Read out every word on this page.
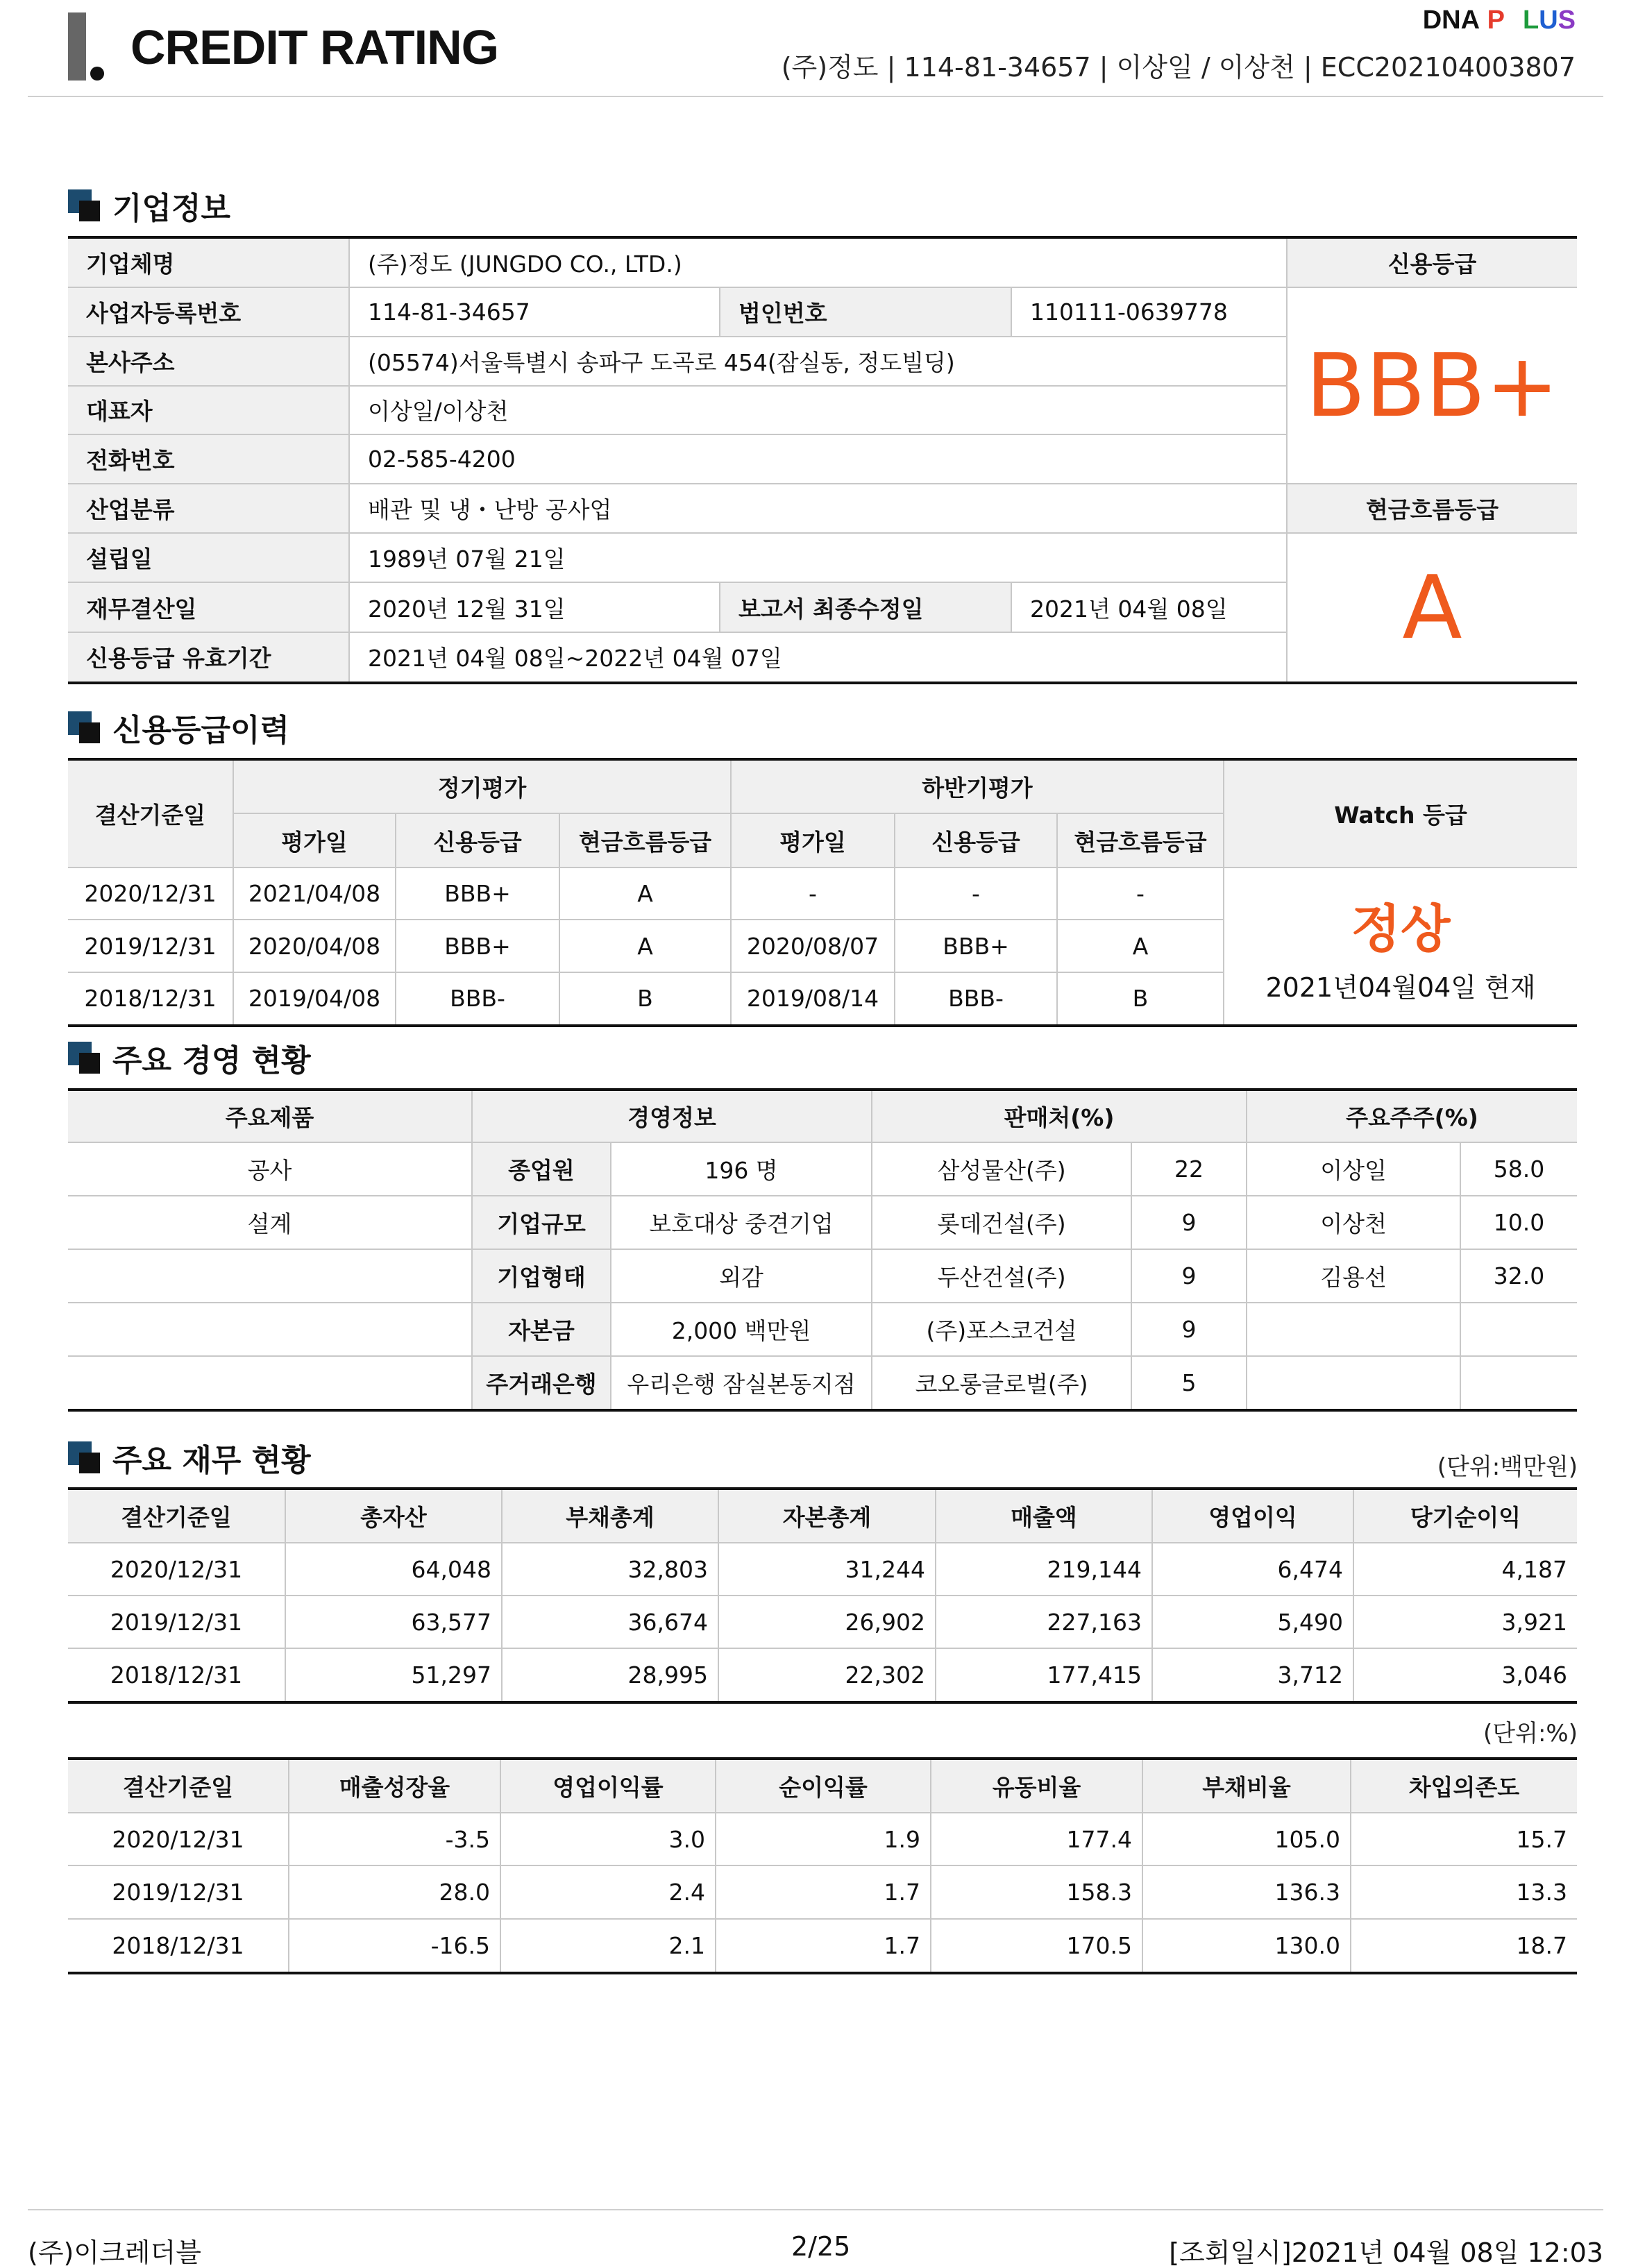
CREDIT RATING	DNA P LUS
(주)정도 | 114-81-34657 | 이상일 / 이상천 | ECC202104003807
기업정보
기업체명	(주)정도 (JUNGDO CO., LTD.)			신용등급
사업자등록번호	114-81-34657	법인번호	110111-0639778	BBB+
본사주소	(05574)서울특별시 송파구 도곡로 454(잠실동, 정도빌딩)			
대표자	이상일/이상천			
전화번호	02-585-4200			
산업분류	배관 및 냉・난방 공사업			현금흐름등급
설립일	1989년 07월 21일			A
재무결산일	2020년 12월 31일	보고서 최종수정일	2021년 04월 08일	
신용등급 유효기간	2021년 04월 08일~2022년 04월 07일			
신용등급이력
결산기준일	정기평가			하반기평가			Watch 등급
	평가일	신용등급	현금흐름등급	평가일	신용등급	현금흐름등급	
2020/12/31	2021/04/08	BBB+	A	-	-	-	정상
2021년04월04일 현재

2019/12/31	2020/04/08	BBB+	A	2020/08/07	BBB+	A	
2018/12/31	2019/04/08	BBB-	B	2019/08/14	BBB-	B	
주요 경영 현황
주요제품	경영정보		판매처(%)		주요주주(%)	
공사	종업원	196 명	삼성물산(주)	22	이상일	58.0
설계	기업규모	보호대상 중견기업	롯데건설(주)	9	이상천	10.0
	기업형태	외감	두산건설(주)	9	김용선	32.0
	자본금	2,000 백만원	(주)포스코건설	9		
	주거래은행	우리은행 잠실본동지점	코오롱글로벌(주)	5		
주요 재무 현황	(단위:백만원)
결산기준일	총자산	부채총계	자본총계	매출액	영업이익	당기순이익
2020/12/31	64,048	32,803	31,244	219,144	6,474	4,187
2019/12/31	63,577	36,674	26,902	227,163	5,490	3,921
2018/12/31	51,297	28,995	22,302	177,415	3,712	3,046
(단위:%)
결산기준일	매출성장율	영업이익률	순이익률	유동비율	부채비율	차입의존도
2020/12/31	-3.5	3.0	1.9	177.4	105.0	15.7
2019/12/31	28.0	2.4	1.7	158.3	136.3	13.3
2018/12/31	-16.5	2.1	1.7	170.5	130.0	18.7
(주)이크레더블	2/25	[조회일시]2021년 04월 08일 12:03
